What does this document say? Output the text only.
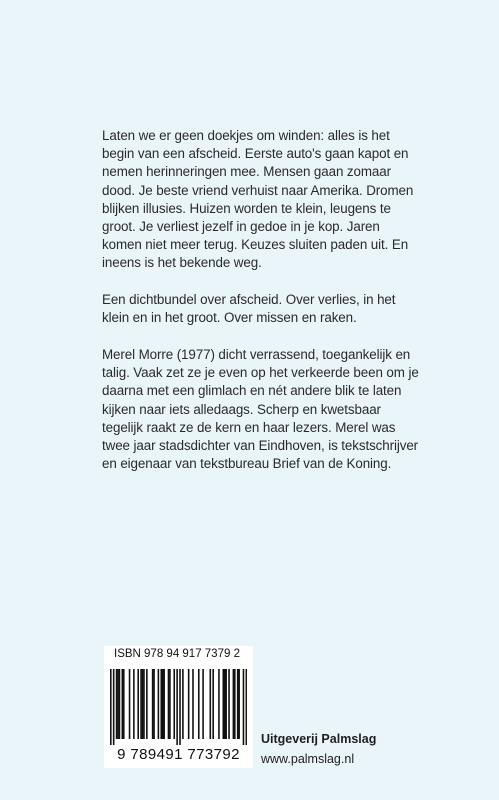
Laten we er geen doekjes om winden: alles is het begin van een afscheid. Eerste auto's gaan kapot en nemen herinneringen mee. Mensen gaan zomaar dood. Je beste vriend verhuist naar Amerika. Dromen blijken illusies. Huizen worden te klein, leugens te groot. Je verliest jezelf in gedoe in je kop. Jaren komen niet meer terug. Keuzes sluiten paden uit. En ineens is het bekende weg.

Een dichtbundel over afscheid. Over verlies, in het klein en in het groot. Over missen en raken.

Merel Morre (1977) dicht verrassend, toegankelijk en talig. Vaak zet ze je even op het verkeerde been om je daarna met een glimlach en nét andere blik te laten kijken naar iets alledaags. Scherp en kwetsbaar tegelijk raakt ze de kern en haar lezers. Merel was twee jaar stadsdichter van Eindhoven, is tekstschrijver en eigenaar van tekstbureau Brief van de Koning.

ISBN 978 94 917 7379 2
9 789491 773792
Uitgeverij Palmslag
www.palmslag.nl
